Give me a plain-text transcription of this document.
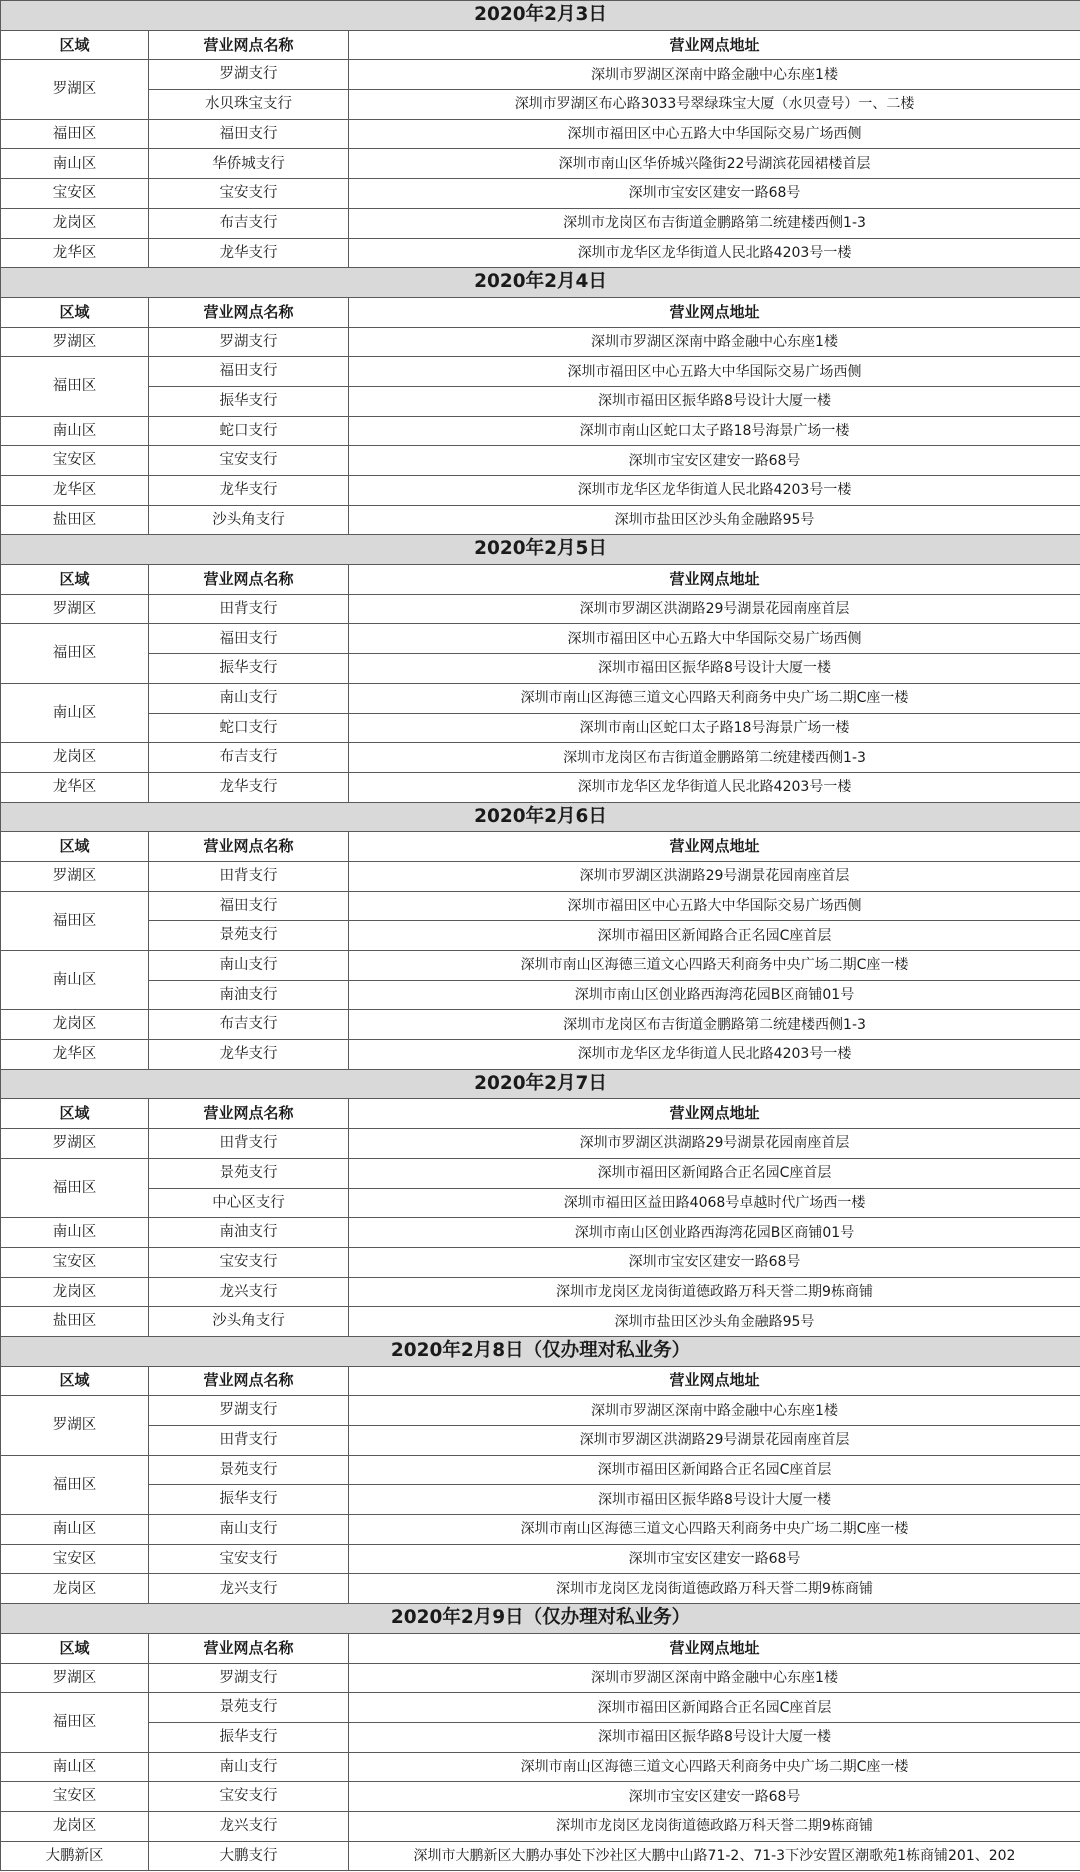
2020年2月3日		
区域	营业网点名称	营业网点地址
罗湖区	罗湖支行	深圳市罗湖区深南中路金融中心东座1楼
	水贝珠宝支行	深圳市罗湖区布心路3033号翠绿珠宝大厦（水贝壹号）一、二楼
福田区	福田支行	深圳市福田区中心五路大中华国际交易广场西侧
南山区	华侨城支行	深圳市南山区华侨城兴隆街22号湖滨花园裙楼首层
宝安区	宝安支行	深圳市宝安区建安一路68号
龙岗区	布吉支行	深圳市龙岗区布吉街道金鹏路第二统建楼西侧1-3
龙华区	龙华支行	深圳市龙华区龙华街道人民北路4203号一楼
2020年2月4日		
区域	营业网点名称	营业网点地址
罗湖区	罗湖支行	深圳市罗湖区深南中路金融中心东座1楼
福田区	福田支行	深圳市福田区中心五路大中华国际交易广场西侧
	振华支行	深圳市福田区振华路8号设计大厦一楼
南山区	蛇口支行	深圳市南山区蛇口太子路18号海景广场一楼
宝安区	宝安支行	深圳市宝安区建安一路68号
龙华区	龙华支行	深圳市龙华区龙华街道人民北路4203号一楼
盐田区	沙头角支行	深圳市盐田区沙头角金融路95号
2020年2月5日		
区域	营业网点名称	营业网点地址
罗湖区	田背支行	深圳市罗湖区洪湖路29号湖景花园南座首层
福田区	福田支行	深圳市福田区中心五路大中华国际交易广场西侧
	振华支行	深圳市福田区振华路8号设计大厦一楼
南山区	南山支行	深圳市南山区海德三道文心四路天利商务中央广场二期C座一楼
	蛇口支行	深圳市南山区蛇口太子路18号海景广场一楼
龙岗区	布吉支行	深圳市龙岗区布吉街道金鹏路第二统建楼西侧1-3
龙华区	龙华支行	深圳市龙华区龙华街道人民北路4203号一楼
2020年2月6日		
区域	营业网点名称	营业网点地址
罗湖区	田背支行	深圳市罗湖区洪湖路29号湖景花园南座首层
福田区	福田支行	深圳市福田区中心五路大中华国际交易广场西侧
	景苑支行	深圳市福田区新闻路合正名园C座首层
南山区	南山支行	深圳市南山区海德三道文心四路天利商务中央广场二期C座一楼
	南油支行	深圳市南山区创业路西海湾花园B区商铺01号
龙岗区	布吉支行	深圳市龙岗区布吉街道金鹏路第二统建楼西侧1-3
龙华区	龙华支行	深圳市龙华区龙华街道人民北路4203号一楼
2020年2月7日		
区域	营业网点名称	营业网点地址
罗湖区	田背支行	深圳市罗湖区洪湖路29号湖景花园南座首层
福田区	景苑支行	深圳市福田区新闻路合正名园C座首层
	中心区支行	深圳市福田区益田路4068号卓越时代广场西一楼
南山区	南油支行	深圳市南山区创业路西海湾花园B区商铺01号
宝安区	宝安支行	深圳市宝安区建安一路68号
龙岗区	龙兴支行	深圳市龙岗区龙岗街道德政路万科天誉二期9栋商铺
盐田区	沙头角支行	深圳市盐田区沙头角金融路95号
2020年2月8日（仅办理对私业务）		
区域	营业网点名称	营业网点地址
罗湖区	罗湖支行	深圳市罗湖区深南中路金融中心东座1楼
	田背支行	深圳市罗湖区洪湖路29号湖景花园南座首层
福田区	景苑支行	深圳市福田区新闻路合正名园C座首层
	振华支行	深圳市福田区振华路8号设计大厦一楼
南山区	南山支行	深圳市南山区海德三道文心四路天利商务中央广场二期C座一楼
宝安区	宝安支行	深圳市宝安区建安一路68号
龙岗区	龙兴支行	深圳市龙岗区龙岗街道德政路万科天誉二期9栋商铺
2020年2月9日（仅办理对私业务）		
区域	营业网点名称	营业网点地址
罗湖区	罗湖支行	深圳市罗湖区深南中路金融中心东座1楼
福田区	景苑支行	深圳市福田区新闻路合正名园C座首层
	振华支行	深圳市福田区振华路8号设计大厦一楼
南山区	南山支行	深圳市南山区海德三道文心四路天利商务中央广场二期C座一楼
宝安区	宝安支行	深圳市宝安区建安一路68号
龙岗区	龙兴支行	深圳市龙岗区龙岗街道德政路万科天誉二期9栋商铺
大鹏新区	大鹏支行	深圳市大鹏新区大鹏办事处下沙社区大鹏中山路71-2、71-3下沙安置区潮歌苑1栋商铺201、202
